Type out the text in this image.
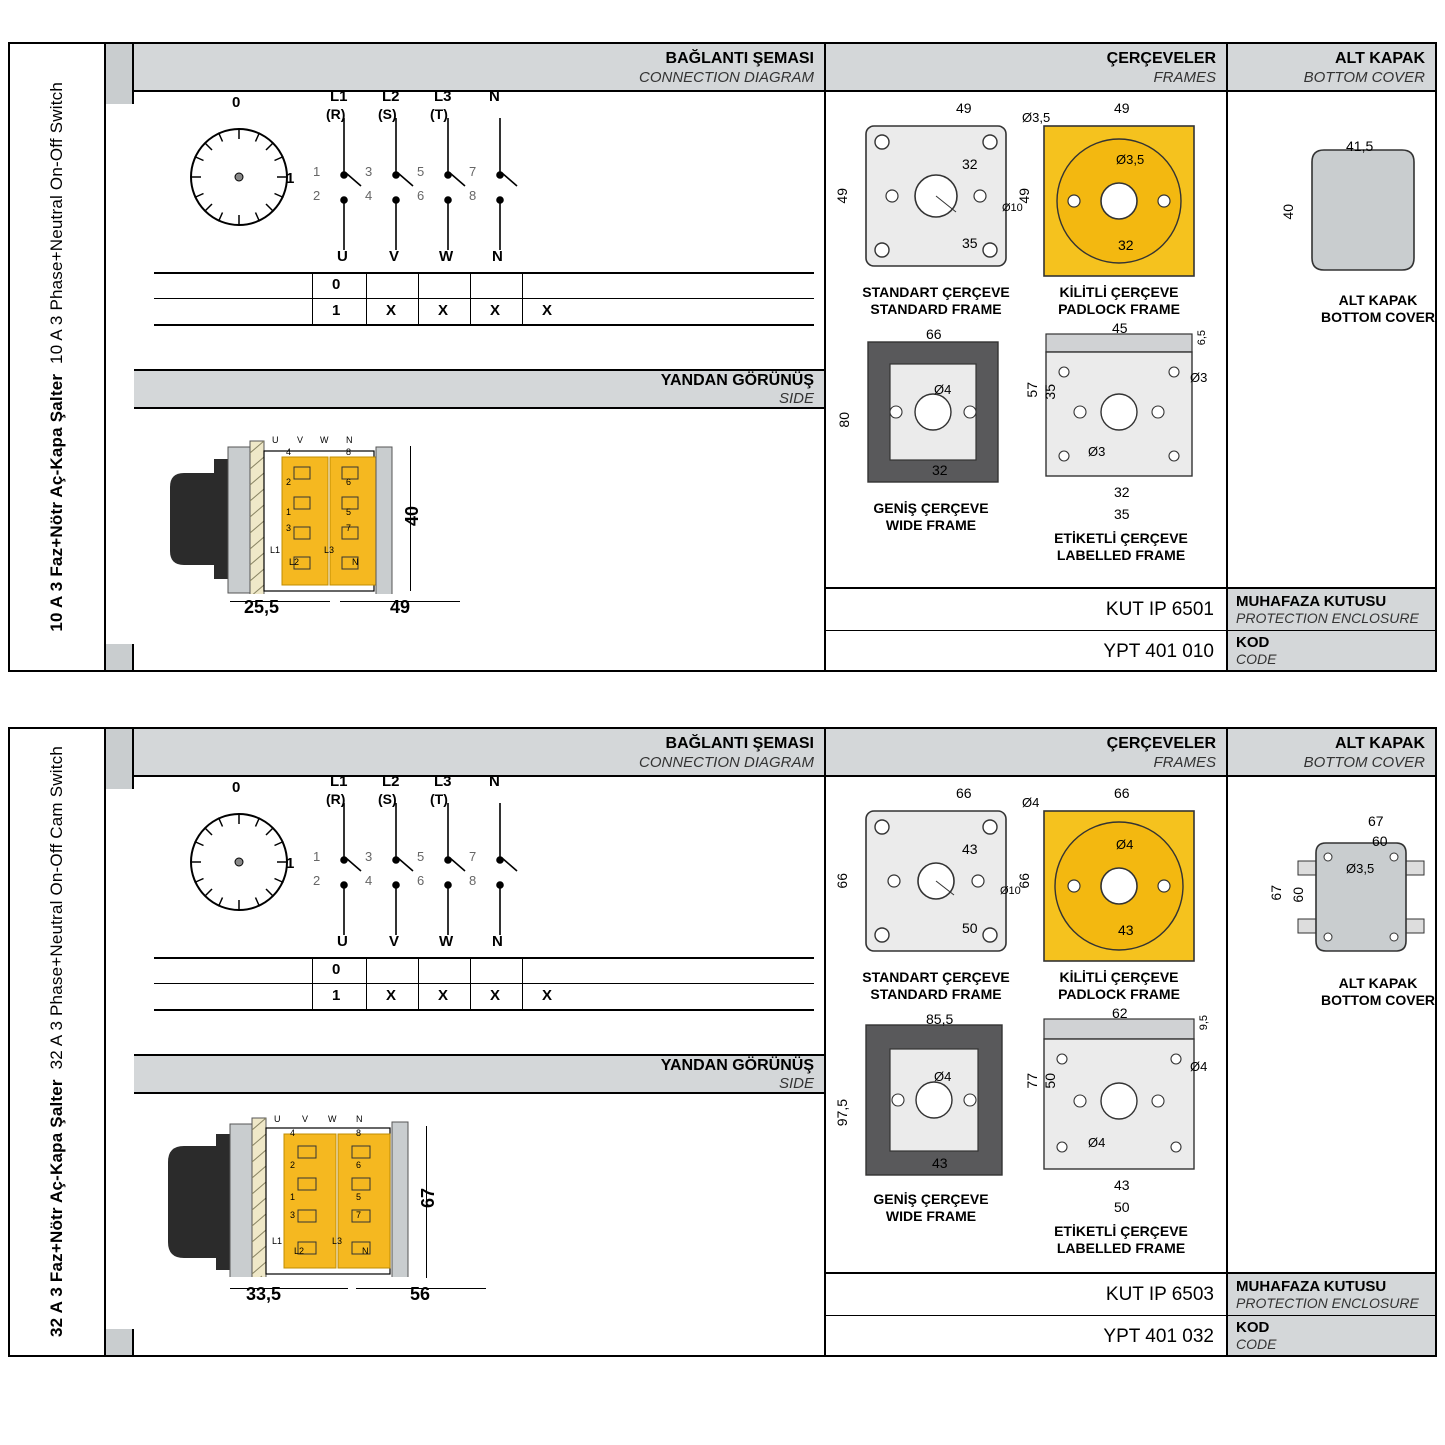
10 A 3 Faz+Nötr Aç-Kapa Şalter  10 A 3 Phase+Neutral On-Off Switch
BAĞLANTI ŞEMASI
CONNECTION DIAGRAM
ÇERÇEVELER
FRAMES
ALT KAPAK
BOTTOM COVER
0
1
L1
(R)
L2
(S)
L3
(T)
N
1
2
3
4
5
6
7
8
U	V	W	N
0
1	X	X	X	X
YANDAN GÖRÜNÜŞ
SIDE
U V W N
4	8
2	6
1	5
3	7
L1
L2
L3
N
25,5	49
40
49
Ø3,5
49
32
35
Ø10
STANDART ÇERÇEVE
STANDARD FRAME
49
49
Ø3,5
32
KİLİTLİ ÇERÇEVE
PADLOCK FRAME
66
80
Ø4
32
GENİŞ ÇERÇEVE
WIDE FRAME
45
6,5
57 35
Ø3
Ø3
32
35
ETİKETLİ ÇERÇEVE
LABELLED FRAME
41,5
40
ALT KAPAK
BOTTOM COVER
KUT IP 6501
YPT 401 010
MUHAFAZA KUTUSU
PROTECTION ENCLOSURE
KOD
CODE
32 A 3 Faz+Nötr Aç-Kapa Şalter  32 A 3 Phase+Neutral On-Off Cam Switch
BAĞLANTI ŞEMASI
CONNECTION DIAGRAM
ÇERÇEVELER
FRAMES
ALT KAPAK
BOTTOM COVER
0
1
L1
(R)
L2
(S)
L3
(T)
N
1
2
3
4
5
6
7
8
U	V	W	N
0
1	X	X	X	X
YANDAN GÖRÜNÜŞ
SIDE
U V W N
4	8
2	6
1	5
3	7
L1
L2
L3
N
33,5	56
67
66
Ø4
66
43
50
Ø10
STANDART ÇERÇEVE
STANDARD FRAME
66
66
Ø4
43
KİLİTLİ ÇERÇEVE
PADLOCK FRAME
85,5
97,5
Ø4
43
GENİŞ ÇERÇEVE
WIDE FRAME
62
9,5
77 50
Ø4
Ø4
43
50
ETİKETLİ ÇERÇEVE
LABELLED FRAME
67
60
67 60
Ø3,5
ALT KAPAK
BOTTOM COVER
KUT IP 6503
YPT 401 032
MUHAFAZA KUTUSU
PROTECTION ENCLOSURE
KOD
CODE
